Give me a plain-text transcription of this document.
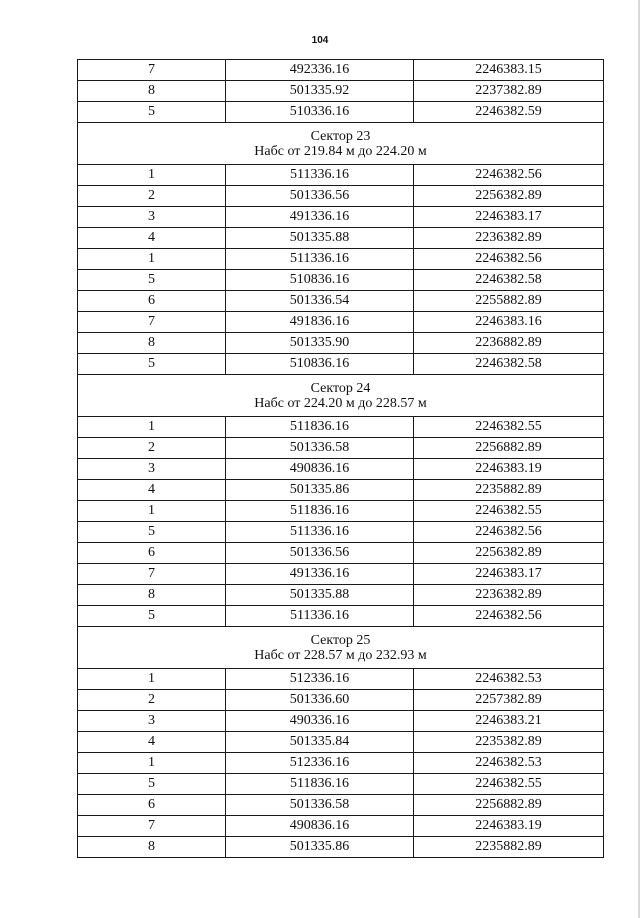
104
7	492336.16	2246383.15
8	501335.92	2237382.89
5	510336.16	2246382.59

Сектор 23
Набс от 219.84 м до 224.20 м		

1	511336.16	2246382.56
2	501336.56	2256382.89
3	491336.16	2246383.17
4	501335.88	2236382.89
1	511336.16	2246382.56
5	510836.16	2246382.58
6	501336.54	2255882.89
7	491836.16	2246383.16
8	501335.90	2236882.89
5	510836.16	2246382.58

Сектор 24
Набс от 224.20 м до 228.57 м		

1	511836.16	2246382.55
2	501336.58	2256882.89
3	490836.16	2246383.19
4	501335.86	2235882.89
1	511836.16	2246382.55
5	511336.16	2246382.56
6	501336.56	2256382.89
7	491336.16	2246383.17
8	501335.88	2236382.89
5	511336.16	2246382.56

Сектор 25
Набс от 228.57 м до 232.93 м		

1	512336.16	2246382.53
2	501336.60	2257382.89
3	490336.16	2246383.21
4	501335.84	2235382.89
1	512336.16	2246382.53
5	511836.16	2246382.55
6	501336.58	2256882.89
7	490836.16	2246383.19
8	501335.86	2235882.89
